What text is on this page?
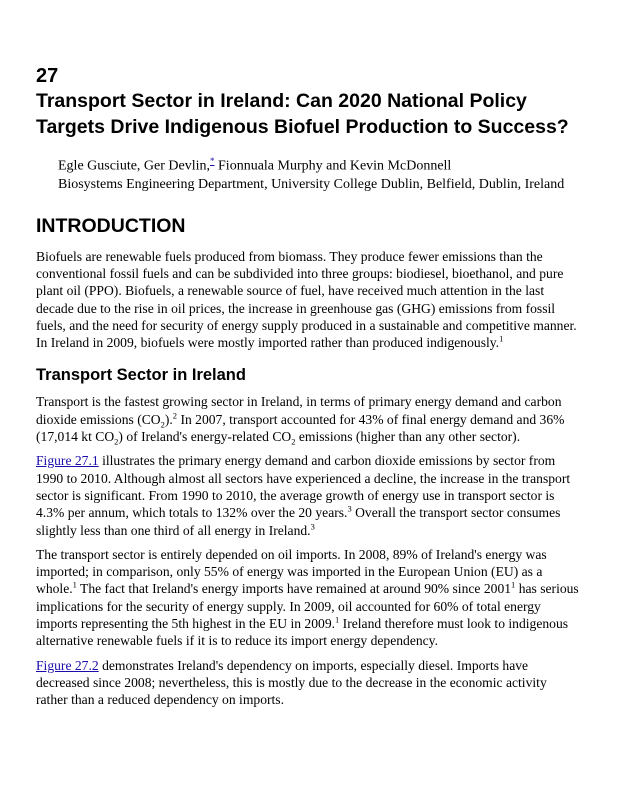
27
Transport Sector in Ireland: Can 2020 National Policy Targets Drive Indigenous Biofuel Production to Success?
Egle Gusciute, Ger Devlin,* Fionnuala Murphy and Kevin McDonnell
Biosystems Engineering Department, University College Dublin, Belfield, Dublin, Ireland
INTRODUCTION

Biofuels are renewable fuels produced from biomass. They produce fewer emissions than the conventional fossil fuels and can be subdivided into three groups: biodiesel, bioethanol, and pure plant oil (PPO). Biofuels, a renewable source of fuel, have received much attention in the last decade due to the rise in oil prices, the increase in greenhouse gas (GHG) emissions from fossil fuels, and the need for security of energy supply produced in a sustainable and competitive manner. In Ireland in 2009, biofuels were mostly imported rather than produced indigenously.$^1$

Transport Sector in Ireland

Transport is the fastest growing sector in Ireland, in terms of primary energy demand and carbon dioxide emissions $(CO_2).^2$ In 2007, transport accounted for 43% of final energy demand and 36% (17,014 kt $CO_2$) of Ireland's energy-related $CO_2$ emissions (higher than any other sector).

Figure 27.1 illustrates the primary energy demand and carbon dioxide emissions by sector from 1990 to 2010. Although almost all sectors have experienced a decline, the increase in the transport sector is significant. From 1990 to 2010, the average growth of energy use in transport sector is 4.3% per annum, which totals to 132% over the 20 years.$^3$ Overall the transport sector consumes slightly less than one third of all energy in Ireland.$^3$

The transport sector is entirely depended on oil imports. In 2008, 89% of Ireland's energy was imported; in comparison, only 55% of energy was imported in the European Union (EU) as a whole.$^1$ The fact that Ireland's energy imports have remained at around 90% since 2001$^1$ has serious implications for the security of energy supply. In 2009, oil accounted for 60% of total energy imports representing the 5th highest in the EU in 2009.$^1$ Ireland therefore must look to indigenous alternative renewable fuels if it is to reduce its import energy dependency.

Figure 27.2 demonstrates Ireland's dependency on imports, especially diesel. Imports have decreased since 2008; nevertheless, this is mostly due to the decrease in the economic activity rather than a reduced dependency on imports.
